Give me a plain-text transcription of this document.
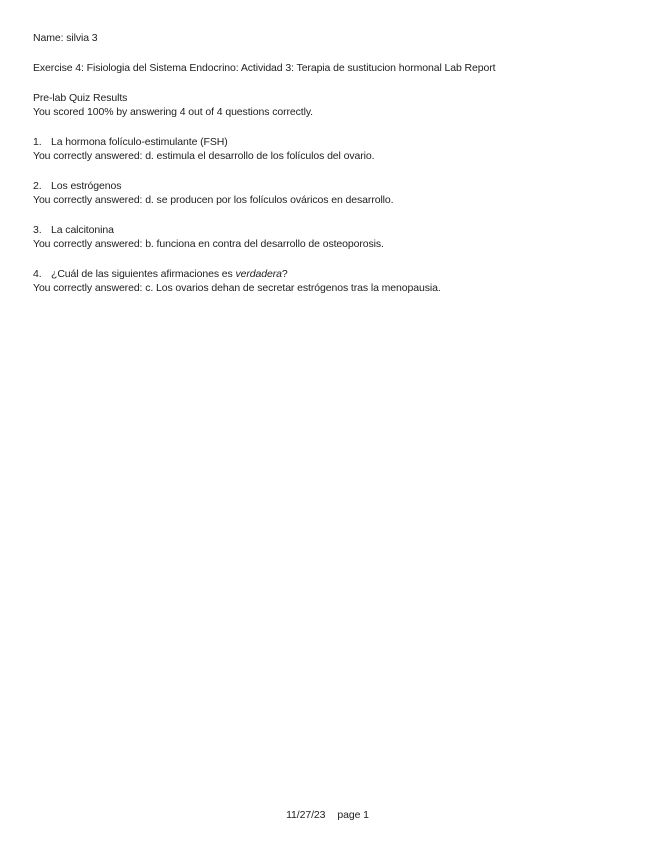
Name: silvia 3
Exercise 4: Fisiologia del Sistema Endocrino: Actividad 3: Terapia de sustitucion hormonal Lab Report
Pre-lab Quiz Results
You scored 100% by answering 4 out of 4 questions correctly.
1. La hormona folículo-estimulante (FSH)
You correctly answered: d. estimula el desarrollo de los folículos del ovario.
2. Los estrógenos
You correctly answered: d. se producen por los folículos ováricos en desarrollo.
3. La calcitonina
You correctly answered: b. funciona en contra del desarrollo de osteoporosis.
4. ¿Cuál de las siguientes afirmaciones es verdadera?
You correctly answered: c. Los ovarios dehan de secretar estrógenos tras la menopausia.
11/27/23 page 1
